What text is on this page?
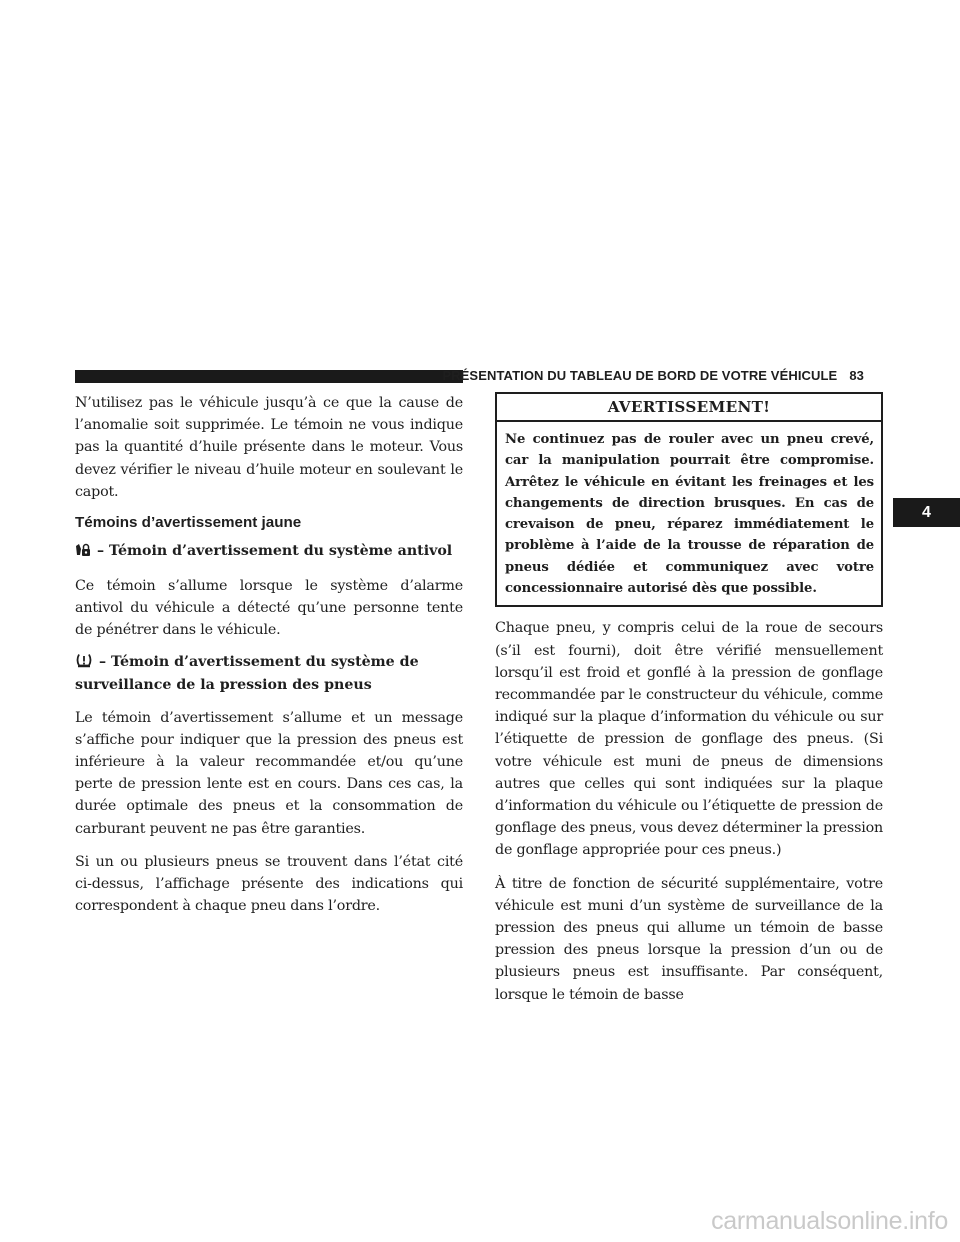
PRÉSENTATION DU TABLEAU DE BORD DE VOTRE VÉHICULE 83

N’utilisez pas le véhicule jusqu’à ce que la cause de l’anomalie soit supprimée. Le témoin ne vous indique pas la quantité d’huile présente dans le moteur. Vous devez vérifier le niveau d’huile moteur en soulevant le capot.

Témoins d’avertissement jaune
– Témoin d’avertissement du système antivol

Ce témoin s’allume lorsque le système d’alarme antivol du véhicule a détecté qu’une personne tente de pénétrer dans le véhicule.

– Témoin d’avertissement du système de surveillance de la pression des pneus

Le témoin d’avertissement s’allume et un message s’affiche pour indiquer que la pression des pneus est inférieure à la valeur recommandée et/ou qu’une perte de pression lente est en cours. Dans ces cas, la durée optimale des pneus et la consommation de carburant peuvent ne pas être garanties.

Si un ou plusieurs pneus se trouvent dans l’état cité ci-dessus, l’affichage présente des indications qui correspondent à chaque pneu dans l’ordre.

AVERTISSEMENT!
Ne continuez pas de rouler avec un pneu crevé, car la manipulation pourrait être compromise. Arrêtez le véhicule en évitant les freinages et les changements de direction brusques. En cas de crevaison de pneu, réparez immédiatement le problème à l’aide de la trousse de réparation de pneus dédiée et communiquez avec votre concessionnaire autorisé dès que possible.

Chaque pneu, y compris celui de la roue de secours (s’il est fourni), doit être vérifié mensuellement lorsqu’il est froid et gonflé à la pression de gonflage recommandée par le constructeur du véhicule, comme indiqué sur la plaque d’information du véhicule ou sur l’étiquette de pression de gonflage des pneus. (Si votre véhicule est muni de pneus de dimensions autres que celles qui sont indiquées sur la plaque d’information du véhicule ou l’étiquette de pression de gonflage des pneus, vous devez déterminer la pression de gonflage appropriée pour ces pneus.)

À titre de fonction de sécurité supplémentaire, votre véhicule est muni d’un système de surveillance de la pression des pneus qui allume un témoin de basse pression des pneus lorsque la pression d’un ou de plusieurs pneus est insuffisante. Par conséquent, lorsque le témoin de basse

4
carmanualsonline.info
